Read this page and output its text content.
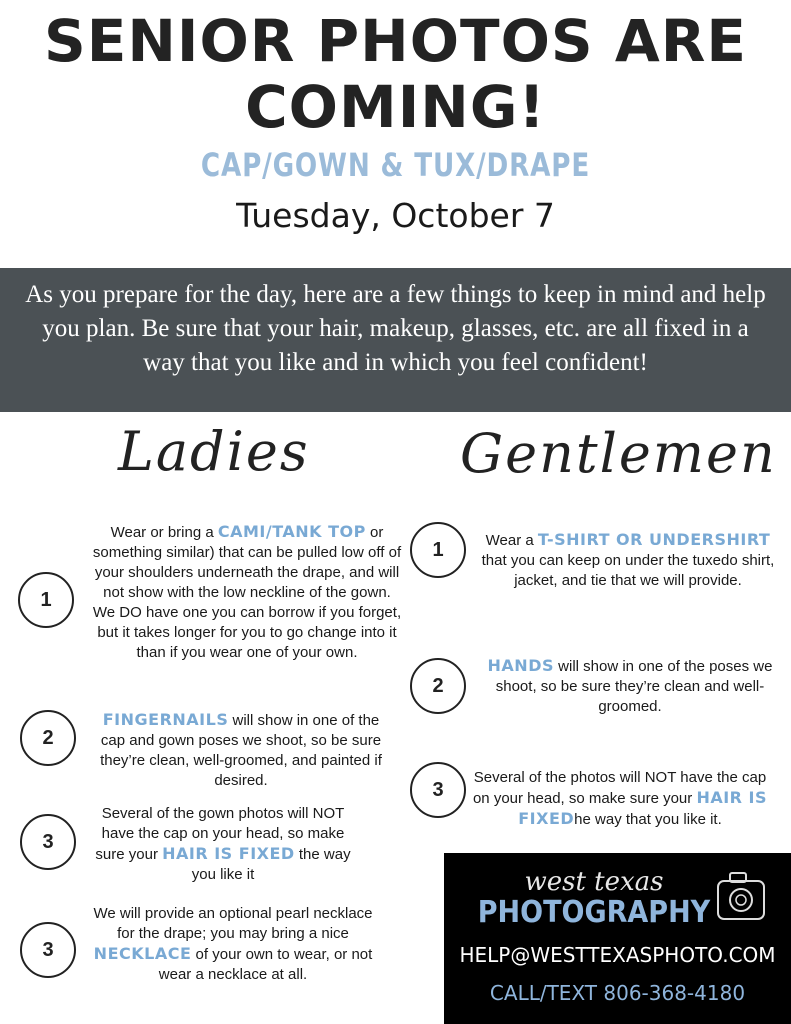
SENIOR PHOTOS ARE
COMING!
CAP/GOWN & TUX/DRAPE
Tuesday, October 7
As you prepare for the day, here are a few things to keep in mind and help you plan. Be sure that your hair, makeup, glasses, etc. are all fixed in a way that you like and in which you feel confident!
Ladies	Gentlemen
1
Wear or bring a CAMI/TANK TOP or something similar) that can be pulled low off of your shoulders underneath the drape, and will not show with the low neckline of the gown. We DO have one you can borrow if you forget, but it takes longer for you to go change into it than if you wear one of your own.
2
FINGERNAILS will show in one of the cap and gown poses we shoot, so be sure they’re clean, well-groomed, and painted if desired.
3
Several of the gown photos will NOT have the cap on your head, so make sure your HAIR IS FIXED the way you like it
3
We will provide an optional pearl necklace for the drape; you may bring a nice NECKLACE of your own to wear, or not wear a necklace at all.
1	Wear a T-SHIRT OR UNDERSHIRT that you can keep on under the tuxedo shirt, jacket, and tie that we will provide.
2
HANDS will show in one of the poses we shoot, so be sure they’re clean and well-groomed.
3
Several of the photos will NOT have the cap on your head, so make sure your HAIR IS FIXEDhe way that you like it.
west texas
PHOTOGRAPHY
HELP@WESTTEXASPHOTO.COM
CALL/TEXT 806-368-4180
